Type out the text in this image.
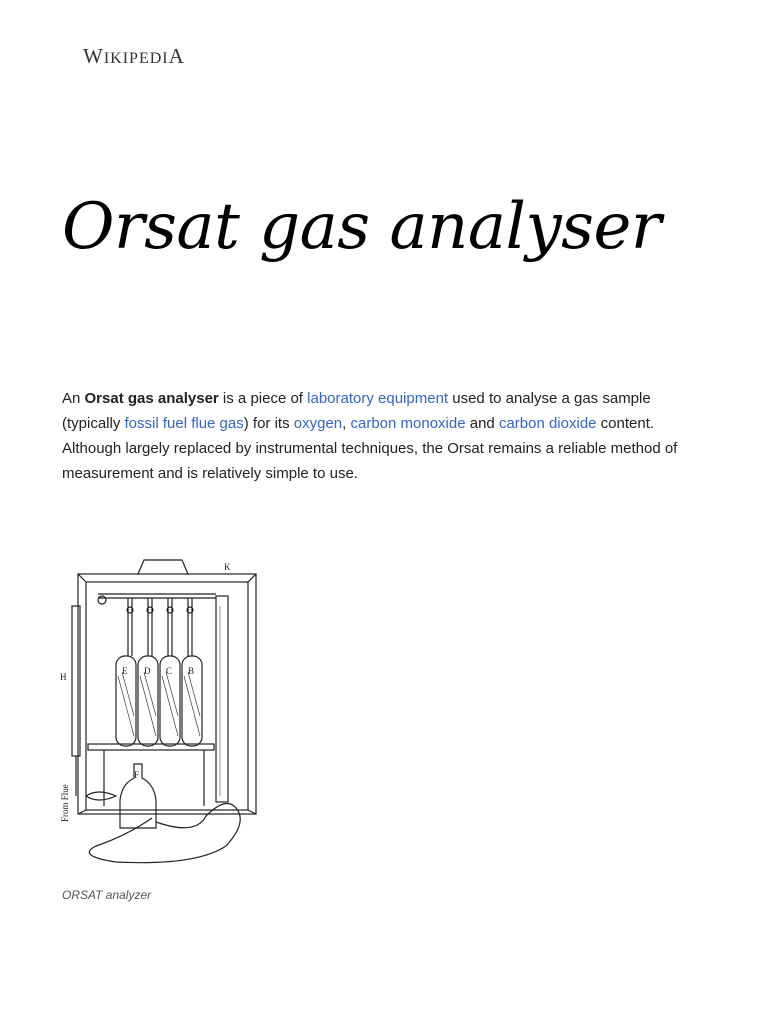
WIKIPEDIA
Orsat gas analyser
An Orsat gas analyser is a piece of laboratory equipment used to analyse a gas sample (typically fossil fuel flue gas) for its oxygen, carbon monoxide and carbon dioxide content. Although largely replaced by instrumental techniques, the Orsat remains a reliable method of measurement and is relatively simple to use.
K
H
F
E D C B
From Flue
ORSAT analyzer
